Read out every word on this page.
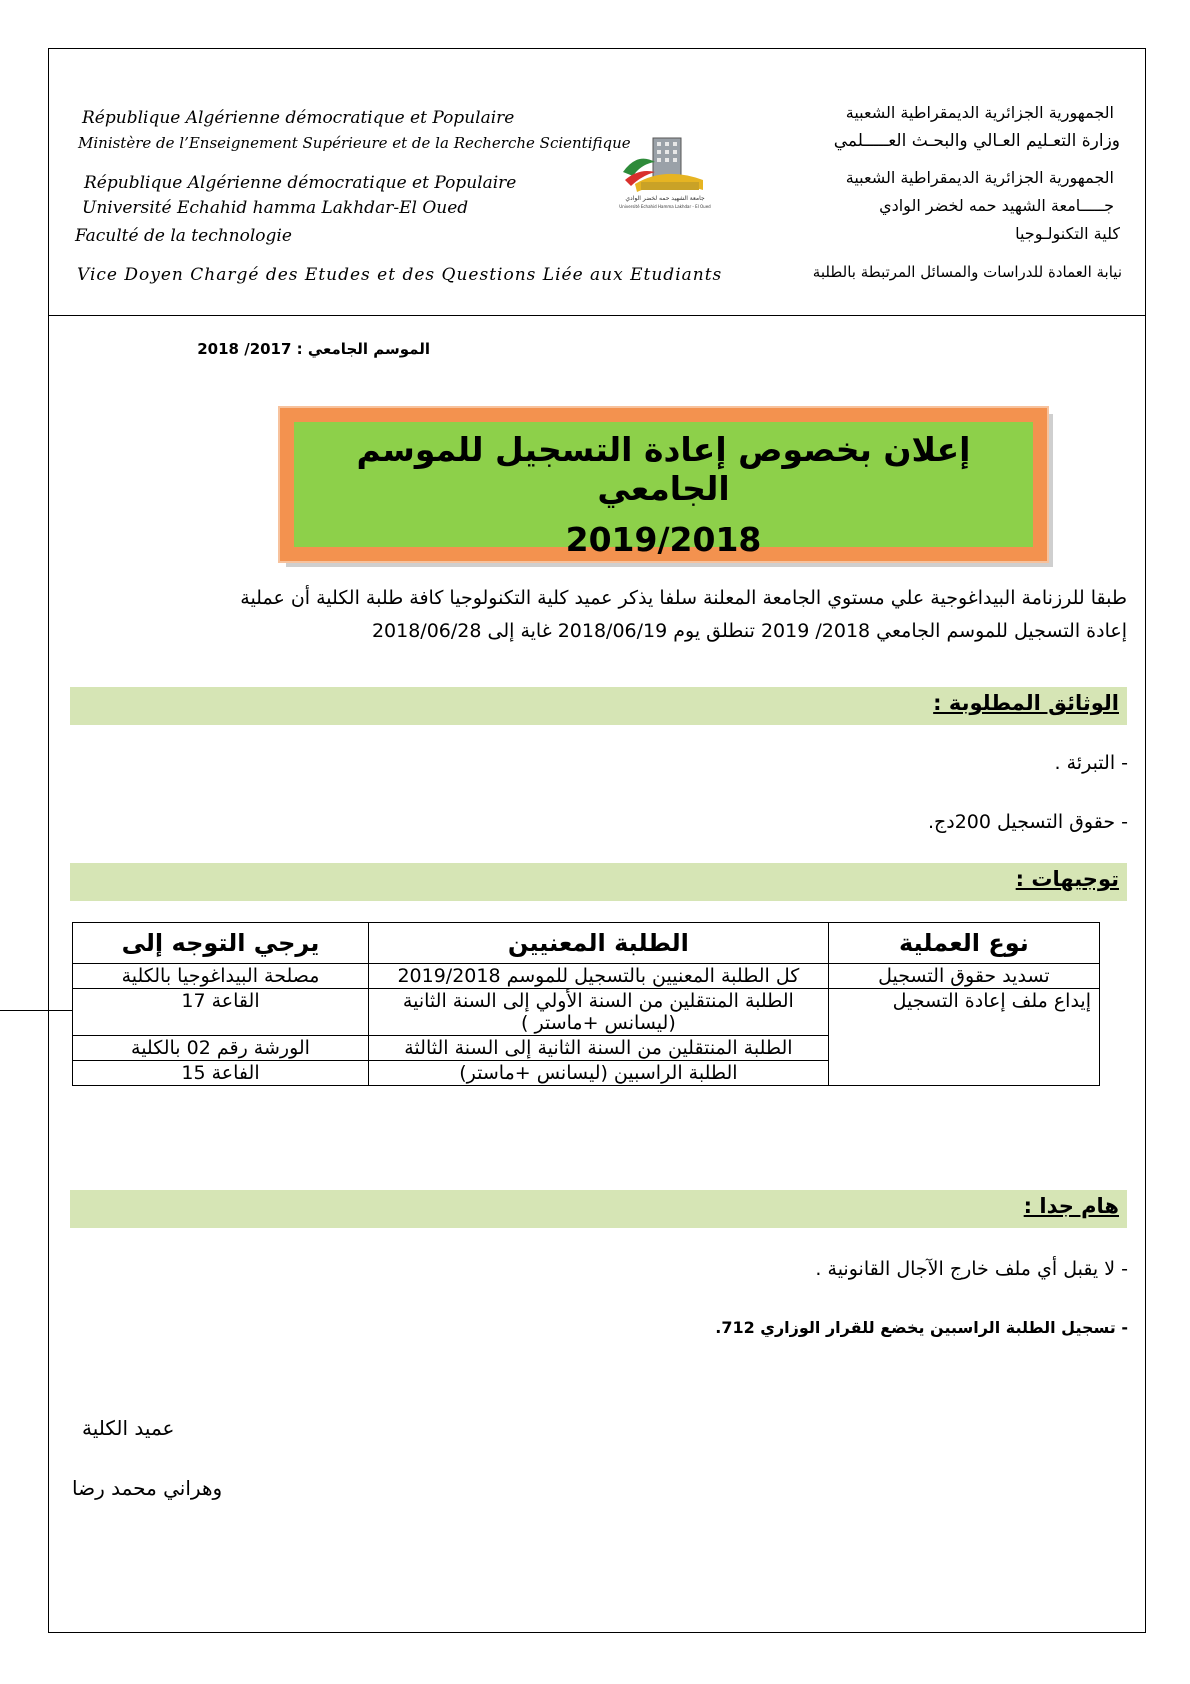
République Algérienne démocratique et Populaire
Ministère de l’Enseignement Supérieure et de la Recherche Scientifique
République Algérienne démocratique et Populaire
Université Echahid hamma Lakhdar-El Oued
Faculté de la technologie
Vice Doyen Chargé des Etudes et des Questions Liée aux Etudiants
الجمهورية الجزائرية الديمقراطية الشعبية
وزارة التعـليم العـالي والبحـث العـــــلمي
الجمهورية الجزائرية الديمقراطية الشعبية
جـــــامعة الشهيد حمه لخضر الوادي
كلية التكنولـوجيا
نيابة العمادة للدراسات والمسائل المرتبطة بالطلبة
جامعة الشهيد حمه لخضر الوادي
Université Echahid Hamma Lakhdar - El Oued
الموسم الجامعي : 2017/ 2018
إعلان بخصوص إعادة التسجيل للموسم الجامعي
2019/2018
طبقا للرزنامة البيداغوجية علي مستوي الجامعة المعلنة سلفا يذكر عميد كلية التكنولوجيا كافة طلبة الكلية أن عملية
إعادة التسجيل للموسم الجامعي 2018/ 2019 تنطلق يوم 2018/06/19 غاية إلى 2018/06/28
الوثائق المطلوبة :
- التبرئة .
- حقوق التسجيل 200دج.
توجيهات :
نوع العملية	الطلبة المعنيين	يرجي التوجه إلى
تسديد حقوق التسجيل	كل الطلبة المعنيين بالتسجيل للموسم 2019/2018	مصلحة البيداغوجيا بالكلية
إيداع ملف إعادة التسجيل	الطلبة المنتقلين من السنة الأولي إلى السنة الثانية (ليسانس +ماستر )	القاعة 17
	الطلبة المنتقلين من السنة الثانية إلى السنة الثالثة	الورشة رقم 02 بالكلية
	الطلبة الراسبين (ليسانس +ماستر)	الفاعة 15
هام جدا :
- لا يقبل أي ملف خارج الآجال القانونية .
- تسجيل الطلبة الراسبين يخضع للقرار الوزاري 712.
عميد الكلية
وهراني محمد رضا
